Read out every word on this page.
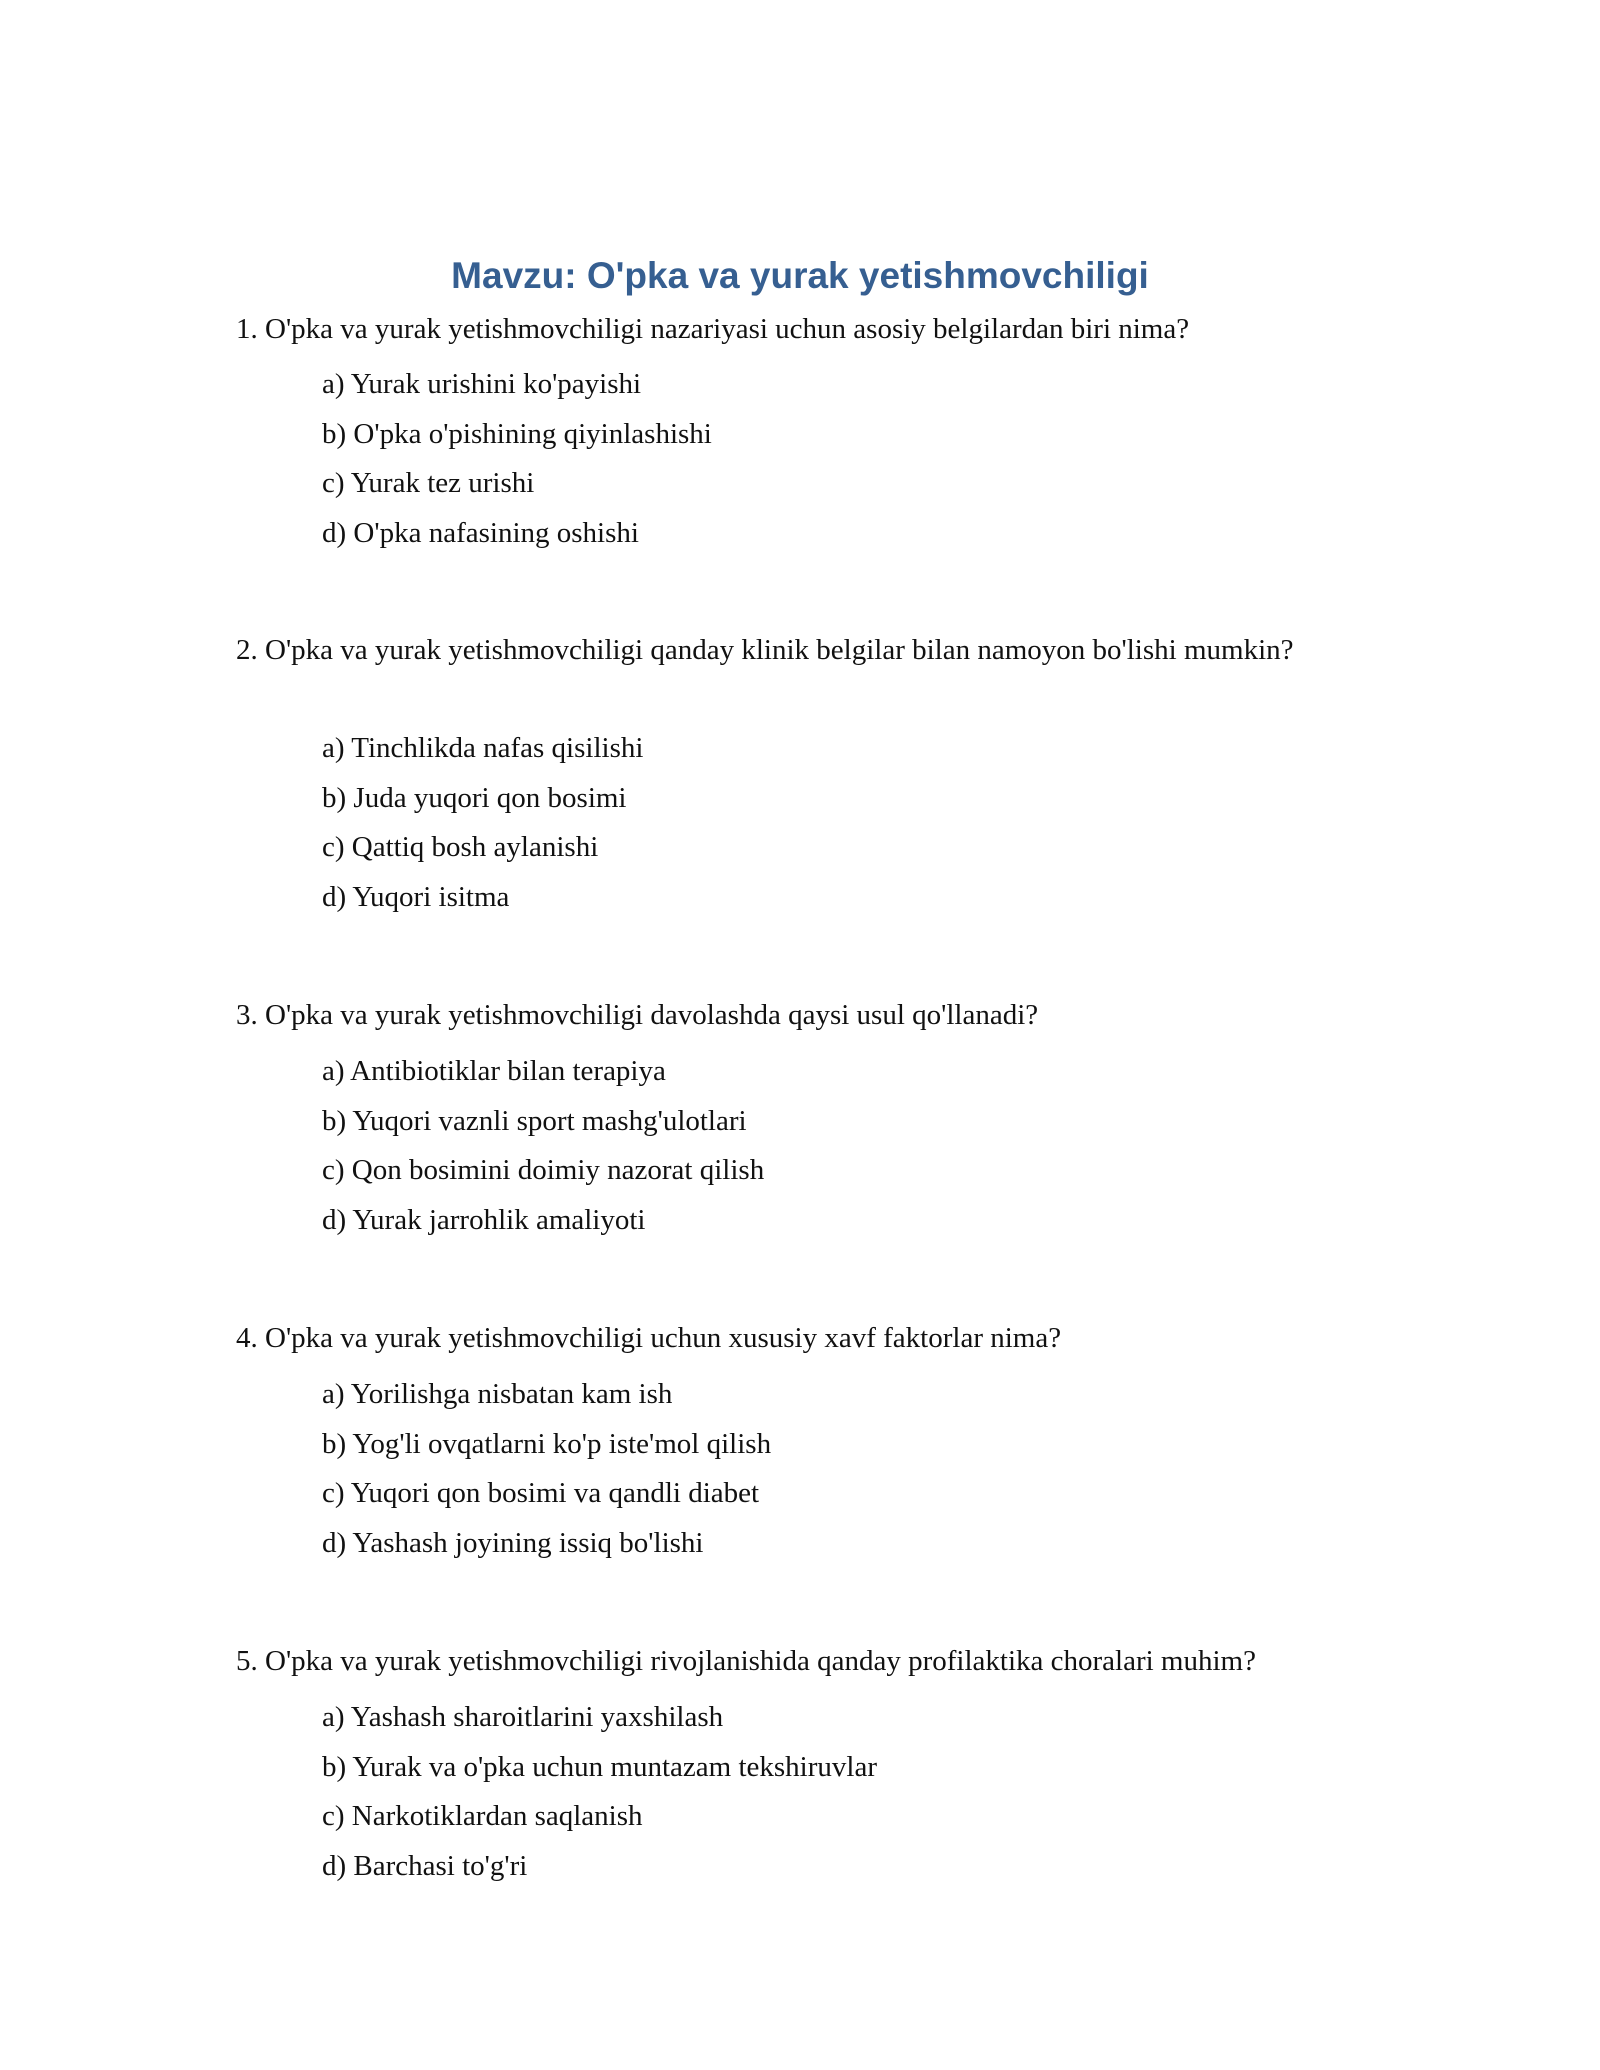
Mavzu: O'pka va yurak yetishmovchiligi
1. O'pka va yurak yetishmovchiligi nazariyasi uchun asosiy belgilardan biri nima?
a) Yurak urishini ko'payishi
b) O'pka o'pishining qiyinlashishi
c) Yurak tez urishi
d) O'pka nafasining oshishi
2. O'pka va yurak yetishmovchiligi qanday klinik belgilar bilan namoyon bo'lishi mumkin?
a) Tinchlikda nafas qisilishi
b) Juda yuqori qon bosimi
c) Qattiq bosh aylanishi
d) Yuqori isitma
3. O'pka va yurak yetishmovchiligi davolashda qaysi usul qo'llanadi?
a) Antibiotiklar bilan terapiya
b) Yuqori vaznli sport mashg'ulotlari
c) Qon bosimini doimiy nazorat qilish
d) Yurak jarrohlik amaliyoti
4. O'pka va yurak yetishmovchiligi uchun xususiy xavf faktorlar nima?
a) Yorilishga nisbatan kam ish
b) Yog'li ovqatlarni ko'p iste'mol qilish
c) Yuqori qon bosimi va qandli diabet
d) Yashash joyining issiq bo'lishi
5. O'pka va yurak yetishmovchiligi rivojlanishida qanday profilaktika choralari muhim?
a) Yashash sharoitlarini yaxshilash
b) Yurak va o'pka uchun muntazam tekshiruvlar
c) Narkotiklardan saqlanish
d) Barchasi to'g'ri
